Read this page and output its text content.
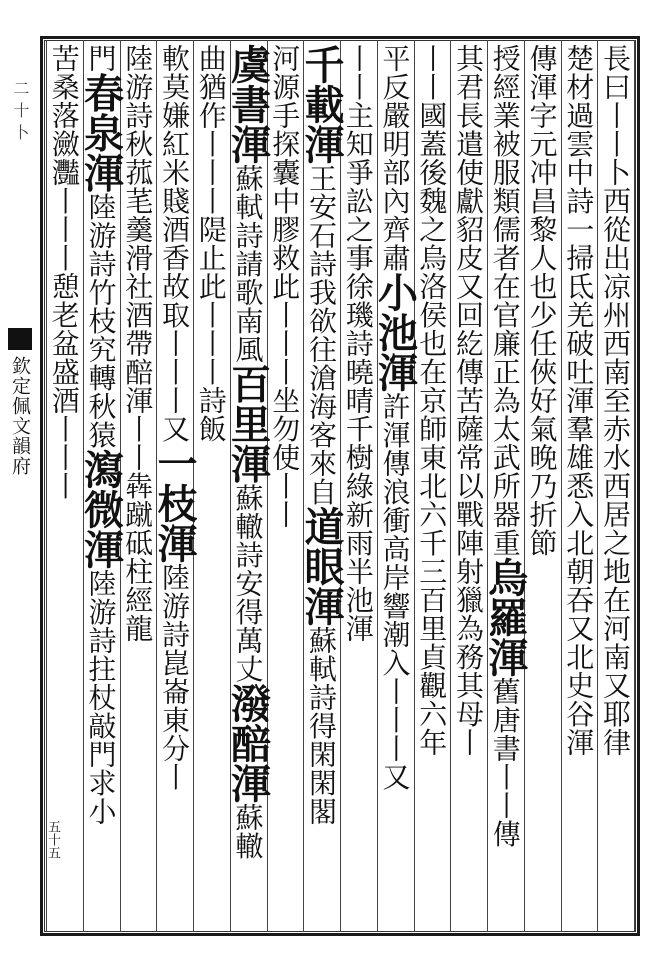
二十卜
欽定佩文韻府
五十五
長曰丨丨卜西從出凉州西南至赤水西居之地在河南又耶律
楚材過雲中詩一掃氐羌破吐渾羣雄悉入北朝吞又北史谷渾
傳渾字元冲昌黎人也少任俠好氣晚乃折節
授經業被服類儒者在官廉正為太武所器重烏羅渾舊唐書丨丨傳
其君長遣使獻貂皮又回紇傳苦薩常以戰陣射獵為務其母丨
丨丨國蓋後魏之烏洛侯也在京師東北六千三百里貞觀六年
平反嚴明部內齊肅小池渾許渾傳浪衝高岸響潮入丨丨丨又
丨丨主知爭訟之事徐璣詩曉晴千樹綠新雨半池渾
千載渾王安石詩我欲往滄海客來自道眼渾蘇軾詩得閑閑閣
河源手探囊中膠救此丨丨丨坐勿使丨丨
虞書渾蘇軾詩請歌南風百里渾蘇轍詩安得萬丈潑醅渾蘇轍
曲猶作丨丨丨隄止此丨丨丨詩飯
軟莫嫌紅米賤酒香故取丨丨丨又一枝渾陸游詩崑崙東分丨
陸游詩秋菰芼羹滑社酒帶醅渾丨丨犇蹴砥柱經龍
門春泉渾陸游詩竹枝究轉秋猿瀉微渾陸游詩拄杖敲門求小
苦桑落瀲灩丨丨丨憩老盆盛酒丨丨丨
